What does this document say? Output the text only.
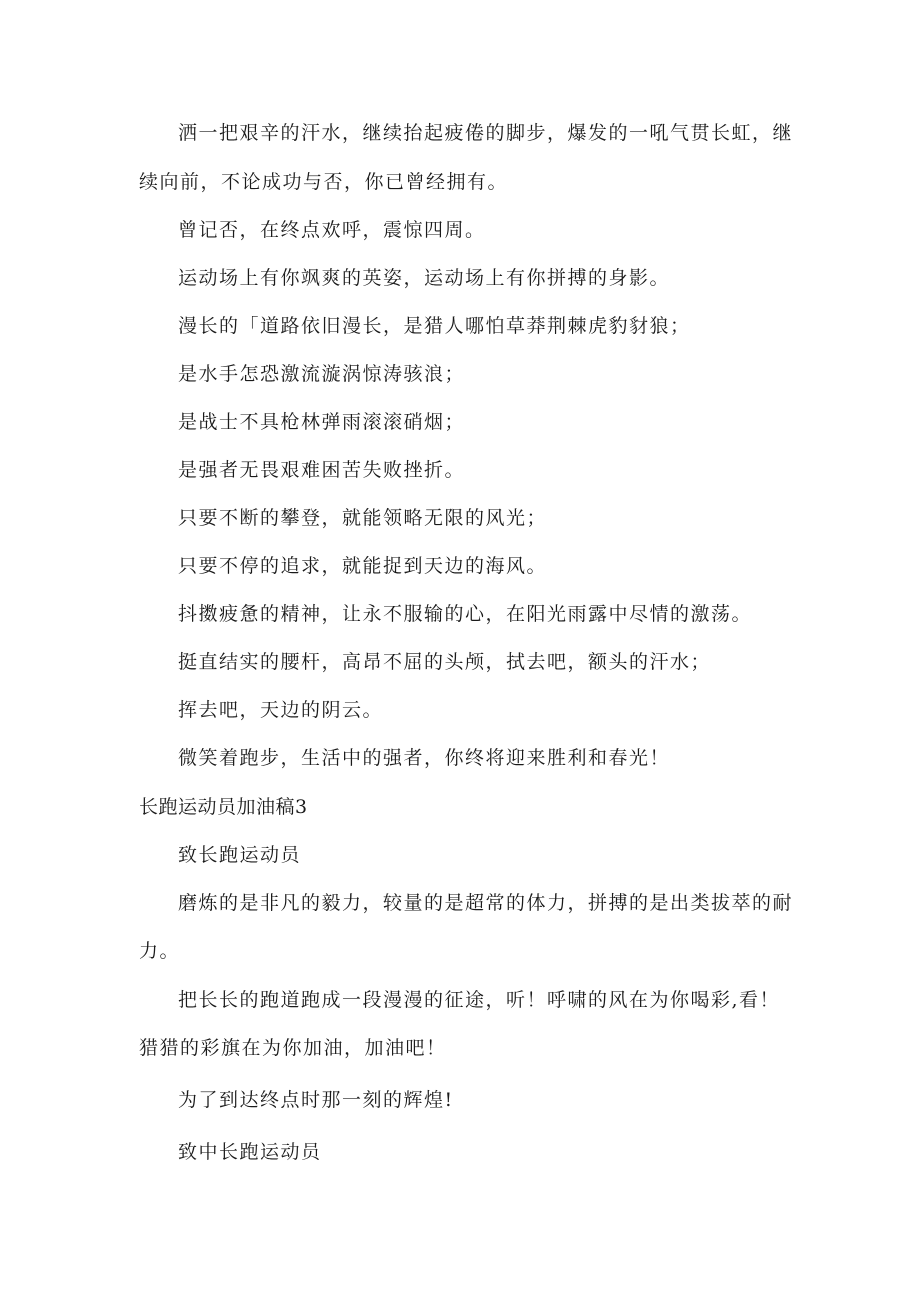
洒一把艰辛的汗水，继续抬起疲倦的脚步，爆发的一吼气贯长虹，继
续向前，不论成功与否，你已曾经拥有。
曾记否，在终点欢呼，震惊四周。
运动场上有你飒爽的英姿，运动场上有你拼搏的身影。
漫长的「道路依旧漫长，是猎人哪怕草莽荆棘虎豹豺狼；
是水手怎恐激流漩涡惊涛骇浪；
是战士不具枪林弹雨滚滚硝烟；
是强者无畏艰难困苦失败挫折。
只要不断的攀登，就能领略无限的风光；
只要不停的追求，就能捉到天边的海风。
抖擞疲惫的精神，让永不服输的心，在阳光雨露中尽情的激荡。
挺直结实的腰杆，高昂不屈的头颅，拭去吧，额头的汗水；
挥去吧，天边的阴云。
微笑着跑步，生活中的强者，你终将迎来胜利和春光！
长跑运动员加油稿3
致长跑运动员
磨炼的是非凡的毅力，较量的是超常的体力，拼搏的是出类拔萃的耐
力。
把长长的跑道跑成一段漫漫的征途，听！呼啸的风在为你喝彩,看！
猎猎的彩旗在为你加油，加油吧！
为了到达终点时那一刻的辉煌!
致中长跑运动员
